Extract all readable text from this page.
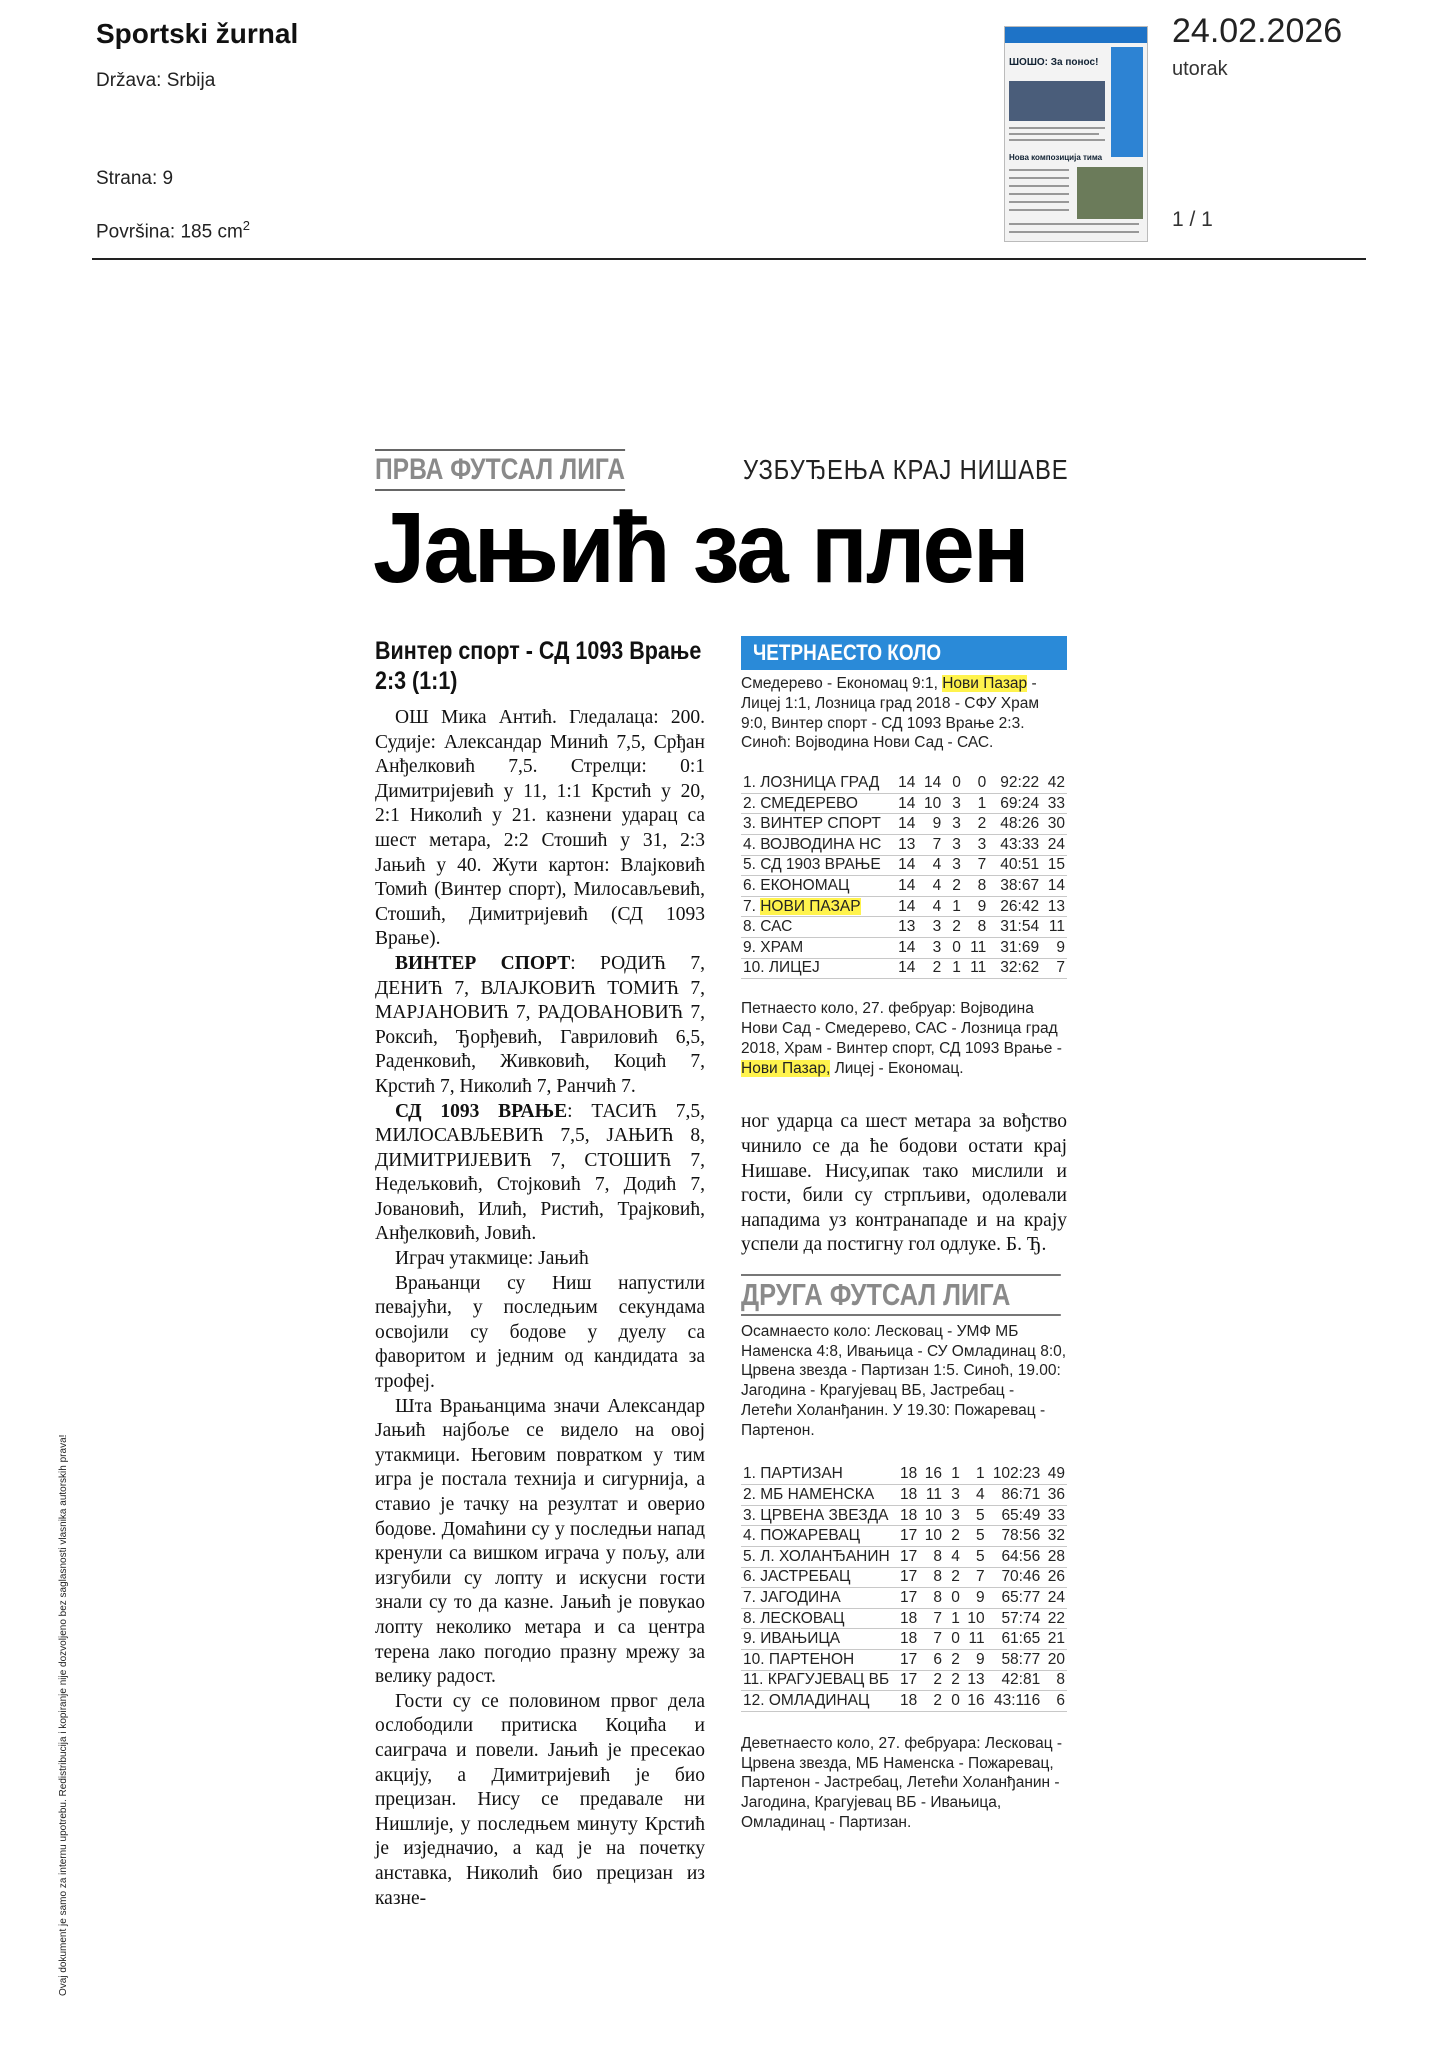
Sportski žurnal
Država: Srbija
Strana: 9
Površina: 185 $cm^2$
ШОШО: За понос!
Нова композиција тима
24.02.2026
utorak
1 / 1
Ovaj dokument je samo za internu upotrebu. Redistribucija i kopiranje nije dozvoljeno bez saglasnosti vlasnika autorskih prava!
ПРВА ФУТСАЛ ЛИГА	УЗБУЂЕЊА КРАЈ НИШАВЕ
Јањић за плен
Винтер спорт - СД 1093 Врање
2:3 (1:1)

ОШ Мика Антић. Гледалаца: 200. Судије: Александар Минић 7,5, Срђан Анђелковић 7,5. Стрелци: 0:1 Димитријевић у 11, 1:1 Крстић у 20, 2:1 Николић у 21. казнени ударац са шест метара, 2:2 Стошић у 31, 2:3 Јањић у 40. Жути картон: Влајковић Томић (Винтер спорт), Милосављевић, Стошић, Димитријевић (СД 1093 Врање).

ВИНТЕР СПОРТ: РОДИЋ 7, ДЕНИЋ 7, ВЛАЈКОВИЋ ТОМИЋ 7, МАРЈАНОВИЋ 7, РАДОВАНОВИЋ 7, Роксић, Ђорђевић, Гавриловић 6,5, Раденковић, Живковић, Коцић 7, Крстић 7, Николић 7, Ранчић 7.

СД 1093 ВРАЊЕ: ТАСИЋ 7,5, МИЛОСАВЉЕВИЋ 7,5, ЈАЊИЋ 8, ДИМИТРИЈЕВИЋ 7, СТОШИЋ 7, Недељковић, Стојковић 7, Додић 7, Јовановић, Илић, Ристић, Трајковић, Анђелковић, Јовић.

Играч утакмице: Јањић

Врањанци су Ниш напустили певајући, у последњим секундама освојили су бодове у дуелу са фаворитом и једним од кандидата за трофеј.

Шта Врањанцима значи Александар Јањић најбоље се видело на овој утакмици. Његовим повратком у тим игра је постала технија и сигурнија, а ставио је тачку на резултат и оверио бодове. Домаћини су у последњи напад кренули са вишком играча у пољу, али изгубили су лопту и искусни гости знали су то да казне. Јањић је повукао лопту неколико метара и са центра терена лако погодио празну мрежу за велику радост.

Гости су се половином првог дела ослободили притиска Коцића и саиграча и повели. Јањић је пресекао акцију, а Димитријевић је био прецизан. Нису се предавале ни Нишлије, у последњем минуту Крстић је изједначио, а кад је на почетку анставка, Николић био прецизан из казне-

ЧЕТРНАЕСТО КОЛО
Смедерево - Економац 9:1, Нови Пазар - Лицеј 1:1, Лозница град 2018 - СФУ Храм 9:0, Винтер спорт - СД 1093 Врање 2:3. Синоћ: Војводина Нови Сад - САС.
1. ЛОЗНИЦА ГРАД	14	14	0	0	92:22	42
2. СМЕДЕРЕВО	14	10	3	1	69:24	33
3. ВИНТЕР СПОРТ	14	9	3	2	48:26	30
4. ВОЈВОДИНА НС	13	7	3	3	43:33	24
5. СД 1903 ВРАЊЕ	14	4	3	7	40:51	15
6. ЕКОНОМАЦ	14	4	2	8	38:67	14
7. НОВИ ПАЗАР	14	4	1	9	26:42	13
8. САС	13	3	2	8	31:54	11
9. ХРАМ	14	3	0	11	31:69	9
10. ЛИЦЕЈ	14	2	1	11	32:62	7
Петнаесто коло, 27. фебруар: Војводина Нови Сад - Смедерево, САС - Лозница град 2018, Храм - Винтер спорт, СД 1093 Врање - Нови Пазар, Лицеј - Економац.

ног ударца са шест метара за вођство чинило се да ће бодови остати крај Нишаве. Нису,ипак тако мислили и гости, били су стрпљиви, одолевали нападима уз контранападе и на крају успели да постигну гол одлуке. Б. Ђ.

ДРУГА ФУТСАЛ ЛИГА
Осамнаесто коло: Лесковац - УМФ МБ Наменска 4:8, Ивањица - СУ Омладинац 8:0, Црвена звезда - Партизан 1:5. Синоћ, 19.00: Јагодина - Крагујевац ВБ, Јастребац - Летећи Холанђанин. У 19.30: Пожаревац - Партенон.
1. ПАРТИЗАН	18	16	1	1	102:23	49
2. МБ НАМЕНСКА	18	11	3	4	86:71	36
3. ЦРВЕНА ЗВЕЗДА	18	10	3	5	65:49	33
4. ПОЖАРЕВАЦ	17	10	2	5	78:56	32
5. Л. ХОЛАНЂАНИН	17	8	4	5	64:56	28
6. ЈАСТРЕБАЦ	17	8	2	7	70:46	26
7. ЈАГОДИНА	17	8	0	9	65:77	24
8. ЛЕСКОВАЦ	18	7	1	10	57:74	22
9. ИВАЊИЦА	18	7	0	11	61:65	21
10. ПАРТЕНОН	17	6	2	9	58:77	20
11. КРАГУЈЕВАЦ ВБ	17	2	2	13	42:81	8
12. ОМЛАДИНАЦ	18	2	0	16	43:116	6
Деветнаесто коло, 27. фебруара: Лесковац - Црвена звезда, МБ Наменска - Пожаревац, Партенон - Јастребац, Летећи Холанђанин - Јагодина, Крагујевац ВБ - Ивањица, Омладинац - Партизан.
